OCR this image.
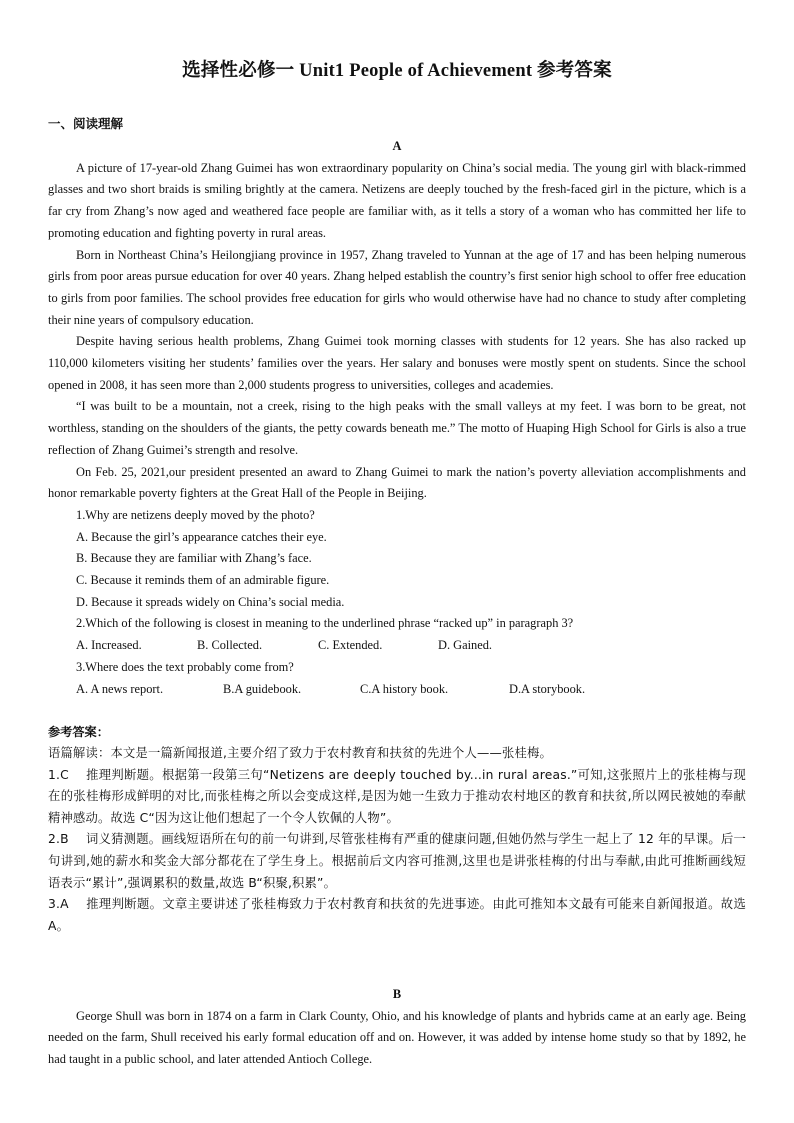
选择性必修一 Unit1 People of Achievement 参考答案
一、阅读理解
A

A picture of 17-year-old Zhang Guimei has won extraordinary popularity on China’s social media. The young girl with black-rimmed glasses and two short braids is smiling brightly at the camera. Netizens are deeply touched by the fresh-faced girl in the picture, which is a far cry from Zhang’s now aged and weathered face people are familiar with, as it tells a story of a woman who has committed her life to promoting education and fighting poverty in rural areas.

Born in Northeast China’s Heilongjiang province in 1957, Zhang traveled to Yunnan at the age of 17 and has been helping numerous girls from poor areas pursue education for over 40 years. Zhang helped establish the country’s first senior high school to offer free education to girls from poor families. The school provides free education for girls who would otherwise have had no chance to study after completing their nine years of compulsory education.

Despite having serious health problems, Zhang Guimei took morning classes with students for 12 years. She has also racked up 110,000 kilometers visiting her students’ families over the years. Her salary and bonuses were mostly spent on students. Since the school opened in 2008, it has seen more than 2,000 students progress to universities, colleges and academies.

“I was built to be a mountain, not a creek, rising to the high peaks with the small valleys at my feet. I was born to be great, not worthless, standing on the shoulders of the giants, the petty cowards beneath me.” The motto of Huaping High School for Girls is also a true reflection of Zhang Guimei’s strength and resolve.

On Feb. 25, 2021,our president presented an award to Zhang Guimei to mark the nation’s poverty alleviation accomplishments and honor remarkable poverty fighters at the Great Hall of the People in Beijing.

1.Why are netizens deeply moved by the photo?
A. Because the girl’s appearance catches their eye.
B. Because they are familiar with Zhang’s face.
C. Because it reminds them of an admirable figure.
D. Because it spreads widely on China’s social media.
2.Which of the following is closest in meaning to the underlined phrase “racked up” in paragraph 3?
A. Increased.	B. Collected.	C. Extended.	D. Gained.
3.Where does the text probably come from?
A. A news report.	B.A guidebook.	C.A history book.	D.A storybook.
参考答案：
语篇解读：本文是一篇新闻报道,主要介绍了致力于农村教育和扶贫的先进个人——张桂梅。
1.C 推理判断题。根据第一段第三句“Netizens are deeply touched by...in rural areas.”可知,这张照片上的张桂梅与现在的张桂梅形成鲜明的对比,而张桂梅之所以会变成这样,是因为她一生致力于推动农村地区的教育和扶贫,所以网民被她的奉献精神感动。故选 C“因为这让他们想起了一个令人钦佩的人物”。
2.B 词义猜测题。画线短语所在句的前一句讲到,尽管张桂梅有严重的健康问题,但她仍然与学生一起上了 12 年的早课。后一句讲到,她的薪水和奖金大部分都花在了学生身上。根据前后文内容可推测,这里也是讲张桂梅的付出与奉献,由此可推断画线短语表示“累计”,强调累积的数量,故选 B“积聚,积累”。
3.A 推理判断题。文章主要讲述了张桂梅致力于农村教育和扶贫的先进事迹。由此可推知本文最有可能来自新闻报道。故选 A。
B

George Shull was born in 1874 on a farm in Clark County, Ohio, and his knowledge of plants and hybrids came at an early age. Being needed on the farm, Shull received his early formal education off and on. However, it was added by intense home study so that by 1892, he had taught in a public school, and later attended Antioch College.
